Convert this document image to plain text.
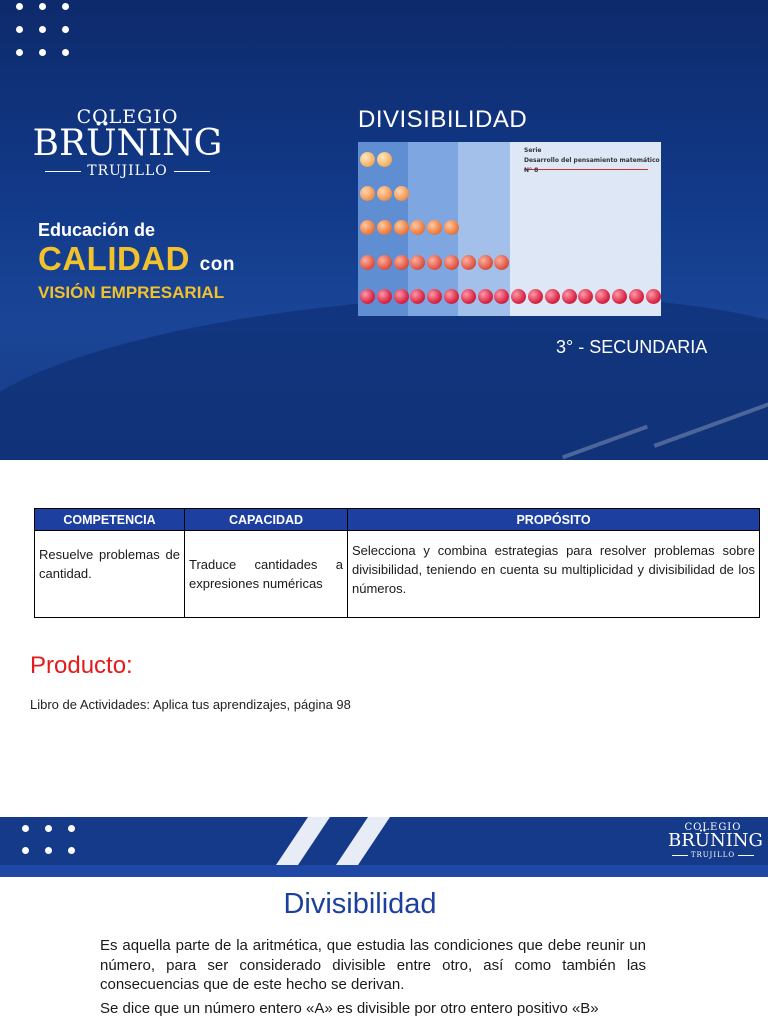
COLEGIO
BRÜNING
TRUJILLO
Educación de
CALIDAD con
VISIÓN EMPRESARIAL
DIVISIBILIDAD
Serie
Desarrollo del pensamiento matemático
N° 8
3° - SECUNDARIA
COMPETENCIA	CAPACIDAD	PROPÓSITO
Resuelve problemas de cantidad.	Traduce cantidades a expresiones numéricas	Selecciona y combina estrategias para resolver problemas sobre divisibilidad, teniendo en cuenta su multiplicidad y divisibilidad de los números.
Producto:
Libro de Actividades: Aplica tus aprendizajes, página 98
COLEGIO
BRÜNING
TRUJILLO
Divisibilidad

Es aquella parte de la aritmética, que estudia las condiciones que debe reunir un número, para ser considerado divisible entre otro, así como también las consecuencias que de este hecho se derivan.

Se dice que un número entero «A» es divisible por otro entero positivo «B»
